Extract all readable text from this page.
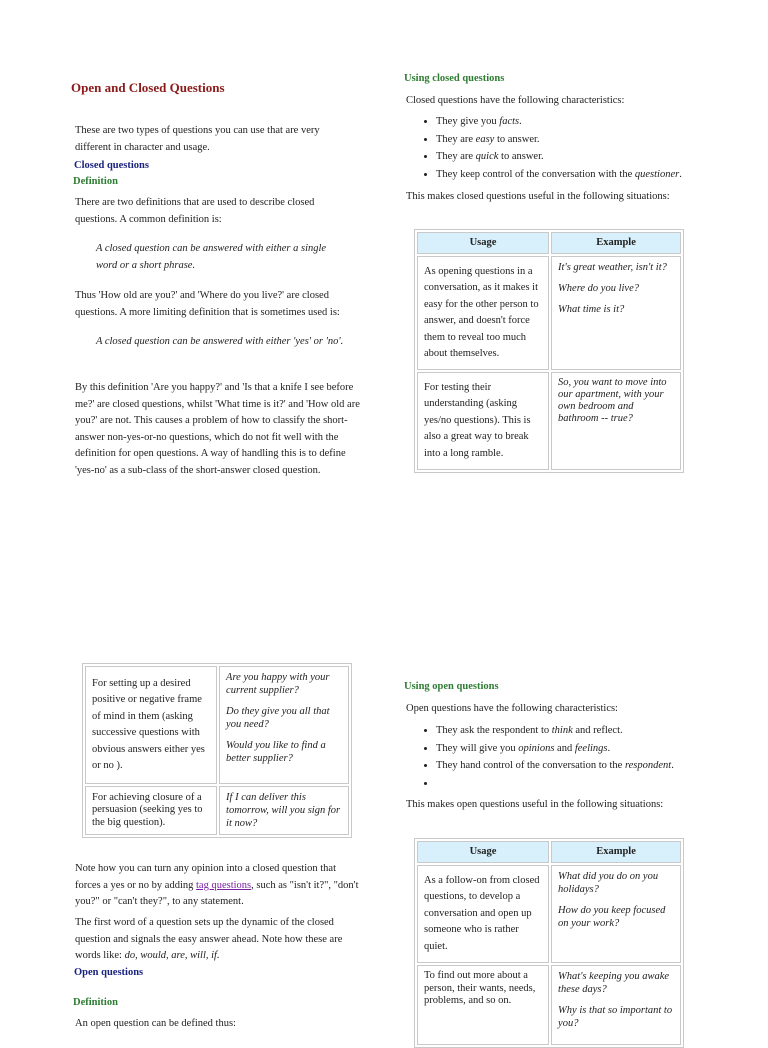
Open and Closed Questions

These are two types of questions you can use that are very different in character and usage.

Closed questions
Definition

There are two definitions that are used to describe closed questions. A common definition is:

A closed question can be answered with either a single word or a short phrase.

Thus 'How old are you?' and 'Where do you live?' are closed questions. A more limiting definition that is sometimes used is:

A closed question can be answered with either 'yes' or 'no'.

By this definition 'Are you happy?' and 'Is that a knife I see before me?' are closed questions, whilst 'What time is it?' and 'How old are you?' are not. This causes a problem of how to classify the short-answer non-yes-or-no questions, which do not fit well with the definition for open questions. A way of handling this is to define 'yes-no' as a sub-class of the short-answer closed question.

For setting up a desired positive or negative frame of mind in them (asking successive questions with obvious answers either yes or no ).	Are you happy with your current supplier?

Do they give you all that you need?

Would you like to find a better supplier?

For achieving closure of a persuasion (seeking yes to the big question).	If I can deliver this tomorrow, will you sign for it now?

Note how you can turn any opinion into a closed question that forces a yes or no by adding tag questions, such as "isn't it?", "don't you?" or "can't they?", to any statement.

The first word of a question sets up the dynamic of the closed question and signals the easy answer ahead. Note how these are words like: do, would, are, will, if.

Open questions
Definition

An open question can be defined thus:

Using closed questions

Closed questions have the following characteristics:

• They give you facts.
• They are easy to answer.
• They are quick to answer.
• They keep control of the conversation with the questioner.

This makes closed questions useful in the following situations:

Usage	Example
As opening questions in a conversation, as it makes it easy for the other person to answer, and doesn't force them to reveal too much about themselves.	It's great weather, isn't it?

Where do you live?

What time is it?

For testing their understanding (asking yes/no questions). This is also a great way to break into a long ramble.	So, you want to move into our apartment, with your own bedroom and bathroom -- true?

Using open questions

Open questions have the following characteristics:

• They ask the respondent to think and reflect.
• They will give you opinions and feelings.
• They hand control of the conversation to the respondent.
•

This makes open questions useful in the following situations:

Usage	Example
As a follow-on from closed questions, to develop a conversation and open up someone who is rather quiet.	What did you do on you holidays?

How do you keep focused on your work?

To find out more about a person, their wants, needs, problems, and so on.	What's keeping you awake these days?

Why is that so important to you?
